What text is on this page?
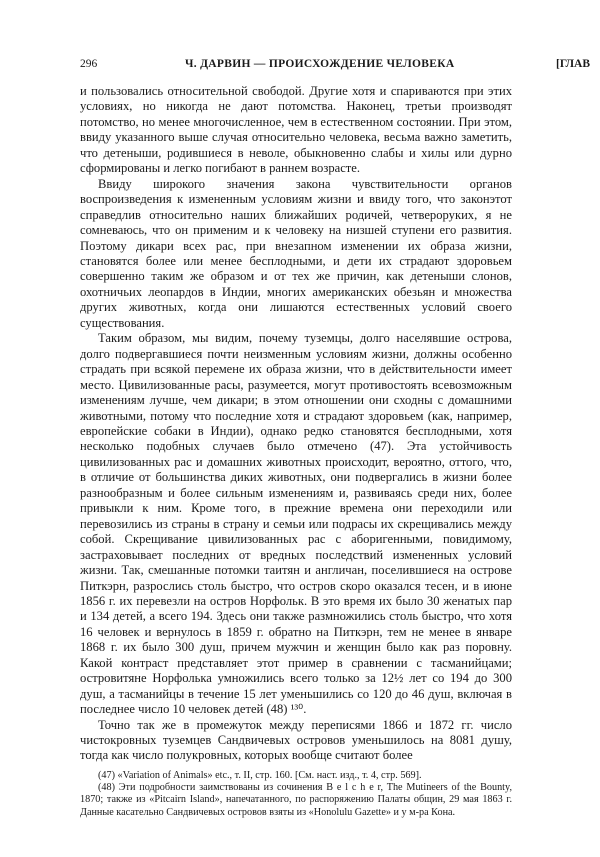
296	Ч. ДАРВИН — ПРОИСХОЖДЕНИЕ ЧЕЛОВЕКА	[ГЛАВ

и пользовались относительной свободой. Другие хотя и спариваются при этих условиях, но никогда не дают потомства. Наконец, третьи производят потомство, но менее многочисленное, чем в естественном состоянии. При этом, ввиду указанного выше случая относительно человека, весьма важно заметить, что детеныши, родившиеся в неволе, обыкновенно слабы и хилы или дурно сформированы и легко погибают в раннем возрасте.

Ввиду широкого значения закона чувствительности органов воспроизведения к измененным условиям жизни и ввиду того, что законэтот справедлив относительно наших ближайших родичей, четвероруких, я не сомневаюсь, что он применим и к человеку на низшей ступени его развития. Поэтому дикари всех рас, при внезапном изменении их образа жизни, становятся более или менее бесплодными, и дети их страдают здоровьем совершенно таким же образом и от тех же причин, как детеныши слонов, охотничьих леопардов в Индии, многих американских обезьян и множества других животных, когда они лишаются естественных условий своего существования.

Таким образом, мы видим, почему туземцы, долго населявшие острова, долго подвергавшиеся почти неизменным условиям жизни, должны особенно страдать при всякой перемене их образа жизни, что в действительности имеет место. Цивилизованные расы, разумеется, могут противостоять всевозможным изменениям лучше, чем дикари; в этом отношении они сходны с домашними животными, потому что последние хотя и страдают здоровьем (как, например, европейские собаки в Индии), однако редко становятся бесплодными, хотя несколько подобных случаев было отмечено (47). Эта устойчивость цивилизованных рас и домашних животных происходит, вероятно, оттого, что, в отличие от большинства диких животных, они подвергались в жизни более разнообразным и более сильным изменениям и, развиваясь среди них, более привыкли к ним. Кроме того, в прежние времена они переходили или перевозились из страны в страну и семьи или подрасы их скрещивались между собой. Скрещивание цивилизованных рас с аборигенными, повидимому, застраховывает последних от вредных последствий измененных условий жизни. Так, смешанные потомки таитян и англичан, поселившиеся на острове Питкэрн, разрослись столь быстро, что остров скоро оказался тесен, и в июне 1856 г. их перевезли на остров Норфольк. В это время их было 30 женатых пар и 134 детей, а всего 194. Здесь они также размножились столь быстро, что хотя 16 человек и вернулось в 1859 г. обратно на Питкэрн, тем не менее в январе 1868 г. их было 300 душ, причем мужчин и женщин было как раз поровну. Какой контраст представляет этот пример в сравнении с тасманийцами; островитяне Норфолька умножились всего только за 12½ лет со 194 до 300 душ, а тасманийцы в течение 15 лет уменьшились со 120 до 46 душ, включая в последнее число 10 человек детей (48) ¹³⁰.

Точно так же в промежуток между переписями 1866 и 1872 гг. число чистокровных туземцев Сандвичевых островов уменьшилось на 8081 душу, тогда как число полукровных, которых вообще считают более

(47) «Variation of Animals» etc., т. II, стр. 160. [См. наст. изд., т. 4, стр. 569].

(48) Эти подробности заимствованы из сочинения B e l c h e r, The Mutineers of the Bounty, 1870; также из «Pitcairn Island», напечатанного, по распоряжению Палаты общин, 29 мая 1863 г. Данные касательно Сандвичевых островов взяты из «Honolulu Gazette» и у м-ра Кона.
